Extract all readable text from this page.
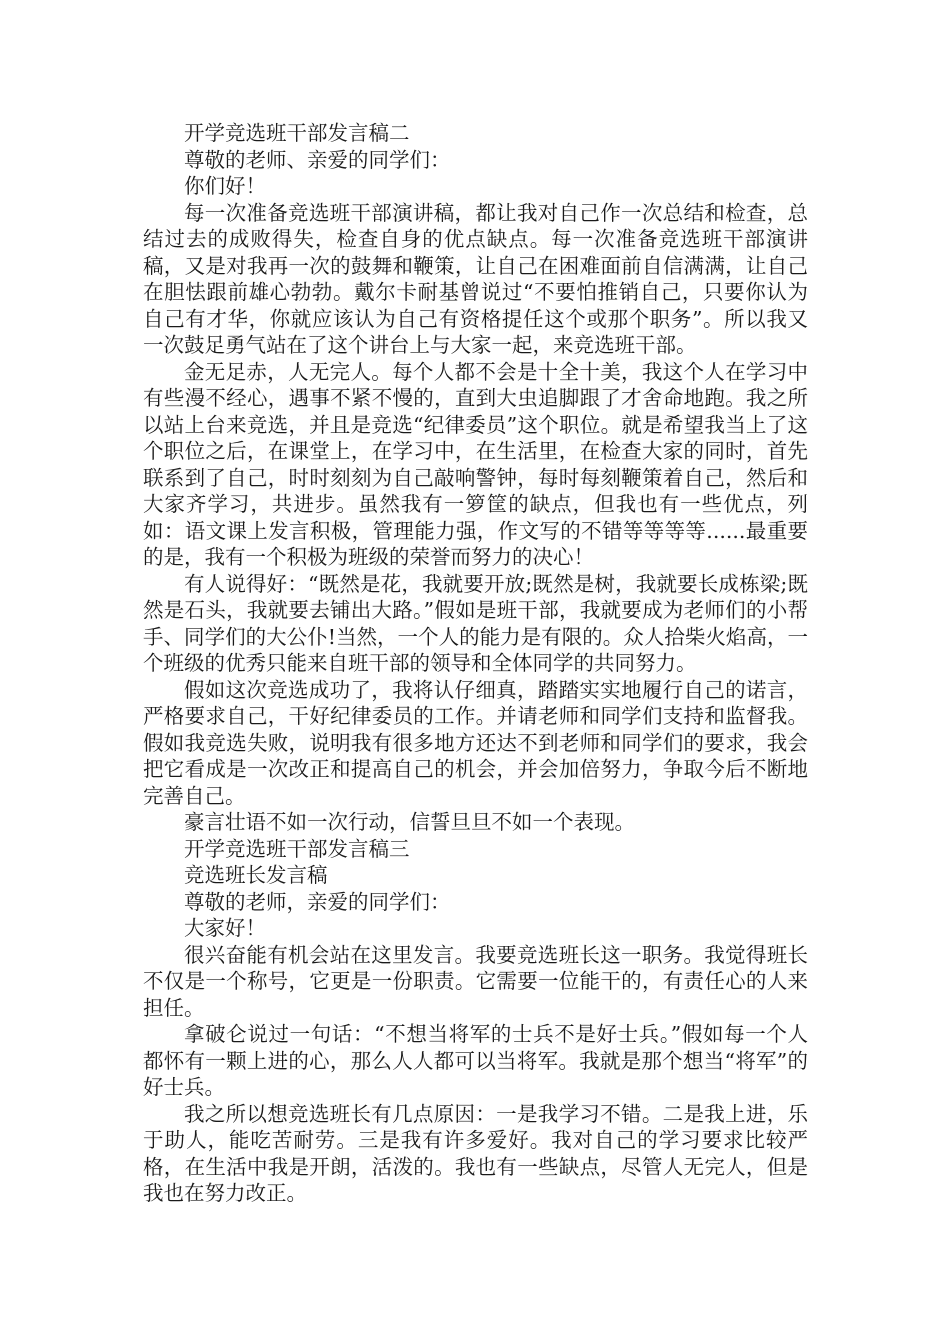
开学竞选班干部发言稿二

尊敬的老师、亲爱的同学们：

你们好！

每一次准备竞选班干部演讲稿，都让我对自己作一次总结和检查，总结过去的成败得失，检查自身的优点缺点。每一次准备竞选班干部演讲稿，又是对我再一次的鼓舞和鞭策，让自己在困难面前自信满满，让自己在胆怯跟前雄心勃勃。戴尔卡耐基曾说过“不要怕推销自己，只要你认为自己有才华，你就应该认为自己有资格提任这个或那个职务”。所以我又一次鼓足勇气站在了这个讲台上与大家一起，来竞选班干部。

金无足赤，人无完人。每个人都不会是十全十美，我这个人在学习中有些漫不经心，遇事不紧不慢的，直到大虫追脚跟了才舍命地跑。我之所以站上台来竞选，并且是竞选“纪律委员”这个职位。就是希望我当上了这个职位之后，在课堂上，在学习中，在生活里，在检查大家的同时，首先联系到了自己，时时刻刻为自己敲响警钟，每时每刻鞭策着自己，然后和大家齐学习，共进步。虽然我有一箩筐的缺点，但我也有一些优点，列如：语文课上发言积极，管理能力强，作文写的不错等等等等......最重要的是，我有一个积极为班级的荣誉而努力的决心！

有人说得好：“既然是花，我就要开放;既然是树，我就要长成栋梁;既然是石头，我就要去铺出大路。”假如是班干部，我就要成为老师们的小帮手、同学们的大公仆!当然，一个人的能力是有限的。众人拾柴火焰高，一个班级的优秀只能来自班干部的领导和全体同学的共同努力。

假如这次竞选成功了，我将认仔细真，踏踏实实地履行自己的诺言，严格要求自己，干好纪律委员的工作。并请老师和同学们支持和监督我。假如我竞选失败，说明我有很多地方还达不到老师和同学们的要求，我会把它看成是一次改正和提高自己的机会，并会加倍努力，争取今后不断地完善自己。

豪言壮语不如一次行动，信誓旦旦不如一个表现。

开学竞选班干部发言稿三

竞选班长发言稿

尊敬的老师，亲爱的同学们：

大家好！

很兴奋能有机会站在这里发言。我要竞选班长这一职务。我觉得班长不仅是一个称号，它更是一份职责。它需要一位能干的，有责任心的人来担任。

拿破仑说过一句话：“不想当将军的士兵不是好士兵。”假如每一个人都怀有一颗上进的心，那么人人都可以当将军。我就是那个想当“将军”的好士兵。

我之所以想竞选班长有几点原因：一是我学习不错。二是我上进，乐于助人，能吃苦耐劳。三是我有许多爱好。我对自己的学习要求比较严格，在生活中我是开朗，活泼的。我也有一些缺点，尽管人无完人，但是我也在努力改正。
